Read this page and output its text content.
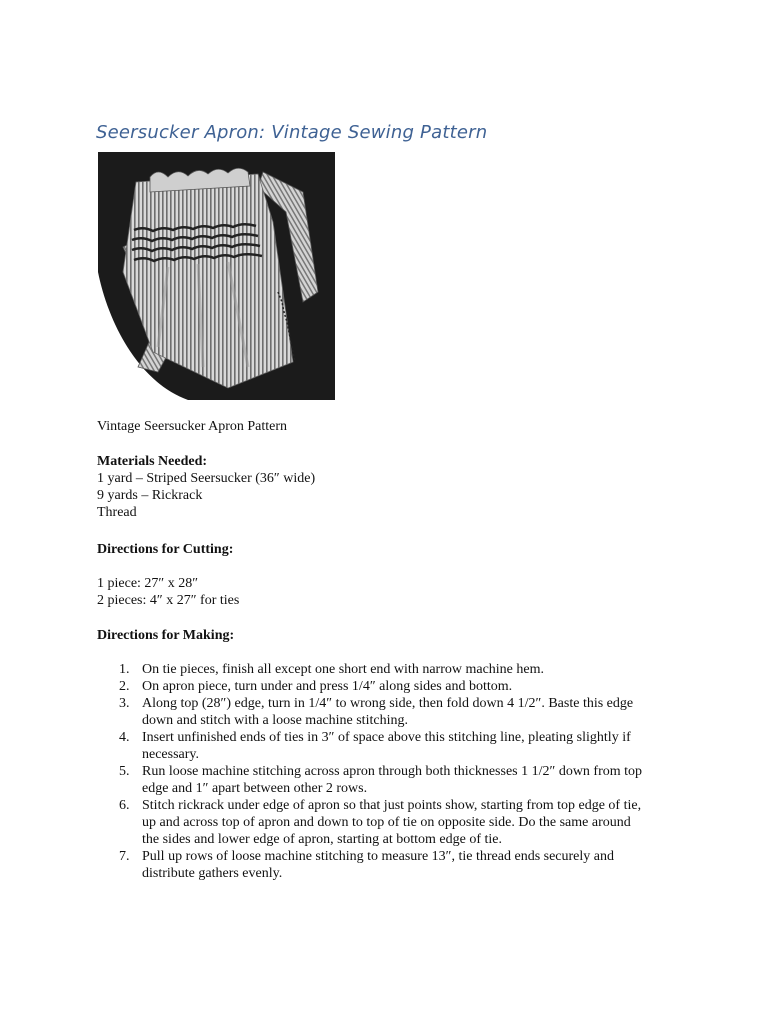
Seersucker Apron: Vintage Sewing Pattern
Vintage Seersucker Apron Pattern
Materials Needed:
1 yard – Striped Seersucker (36″ wide)
9 yards – Rickrack
Thread
Directions for Cutting:
1 piece: 27″ x 28″
2 pieces: 4″ x 27″ for ties
Directions for Making:
1. On tie pieces, finish all except one short end with narrow machine hem.
2. On apron piece, turn under and press 1/4″ along sides and bottom.
3. Along top (28″) edge, turn in 1/4″ to wrong side, then fold down 4 1/2″. Baste this edge
down and stitch with a loose machine stitching.
4. Insert unfinished ends of ties in 3″ of space above this stitching line, pleating slightly if
necessary.
5. Run loose machine stitching across apron through both thicknesses 1 1/2″ down from top
edge and 1″ apart between other 2 rows.
6. Stitch rickrack under edge of apron so that just points show, starting from top edge of tie,
up and across top of apron and down to top of tie on opposite side. Do the same around
the sides and lower edge of apron, starting at bottom edge of tie.
7. Pull up rows of loose machine stitching to measure 13″, tie thread ends securely and
distribute gathers evenly.
